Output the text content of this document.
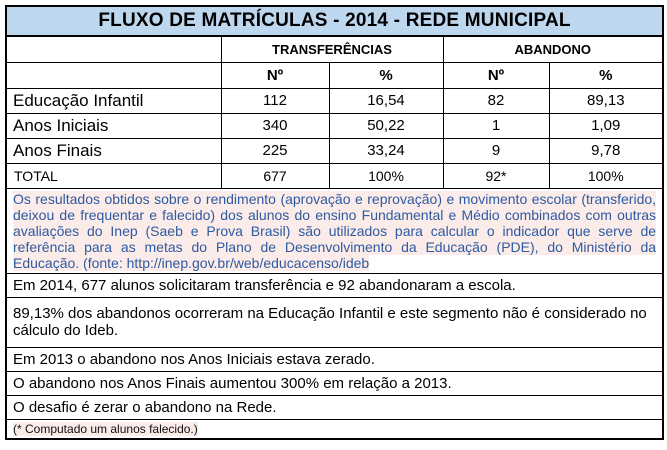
FLUXO DE MATRÍCULAS - 2014 - REDE MUNICIPAL				
	TRANSFERÊNCIAS		ABANDONO	
	Nº	%	Nº	%
Educação Infantil	112	16,54	82	89,13
Anos Iniciais	340	50,22	1	1,09
Anos Finais	225	33,24	9	9,78
TOTAL	677	100%	92*	100%
Os resultados obtidos sobre o rendimento (aprovação e reprovação) e movimento escolar (transferido, deixou de frequentar e falecido) dos alunos do ensino Fundamental e Médio combinados com outras avaliações do Inep (Saeb e Prova Brasil) são utilizados para calcular o indicador que serve de referência para as metas do Plano de Desenvolvimento da Educação (PDE), do Ministério da Educação. (fonte: http://inep.gov.br/web/educacenso/ideb				
Em 2014, 677 alunos solicitaram transferência e 92 abandonaram a escola.				
89,13% dos abandonos ocorreram na Educação Infantil e este segmento não é considerado no cálculo do Ideb.				
Em 2013 o abandono nos Anos Iniciais estava zerado.				
O abandono nos Anos Finais aumentou 300% em relação a 2013.				
O desafio é zerar o abandono na Rede.				
(* Computado um alunos falecido.)				
